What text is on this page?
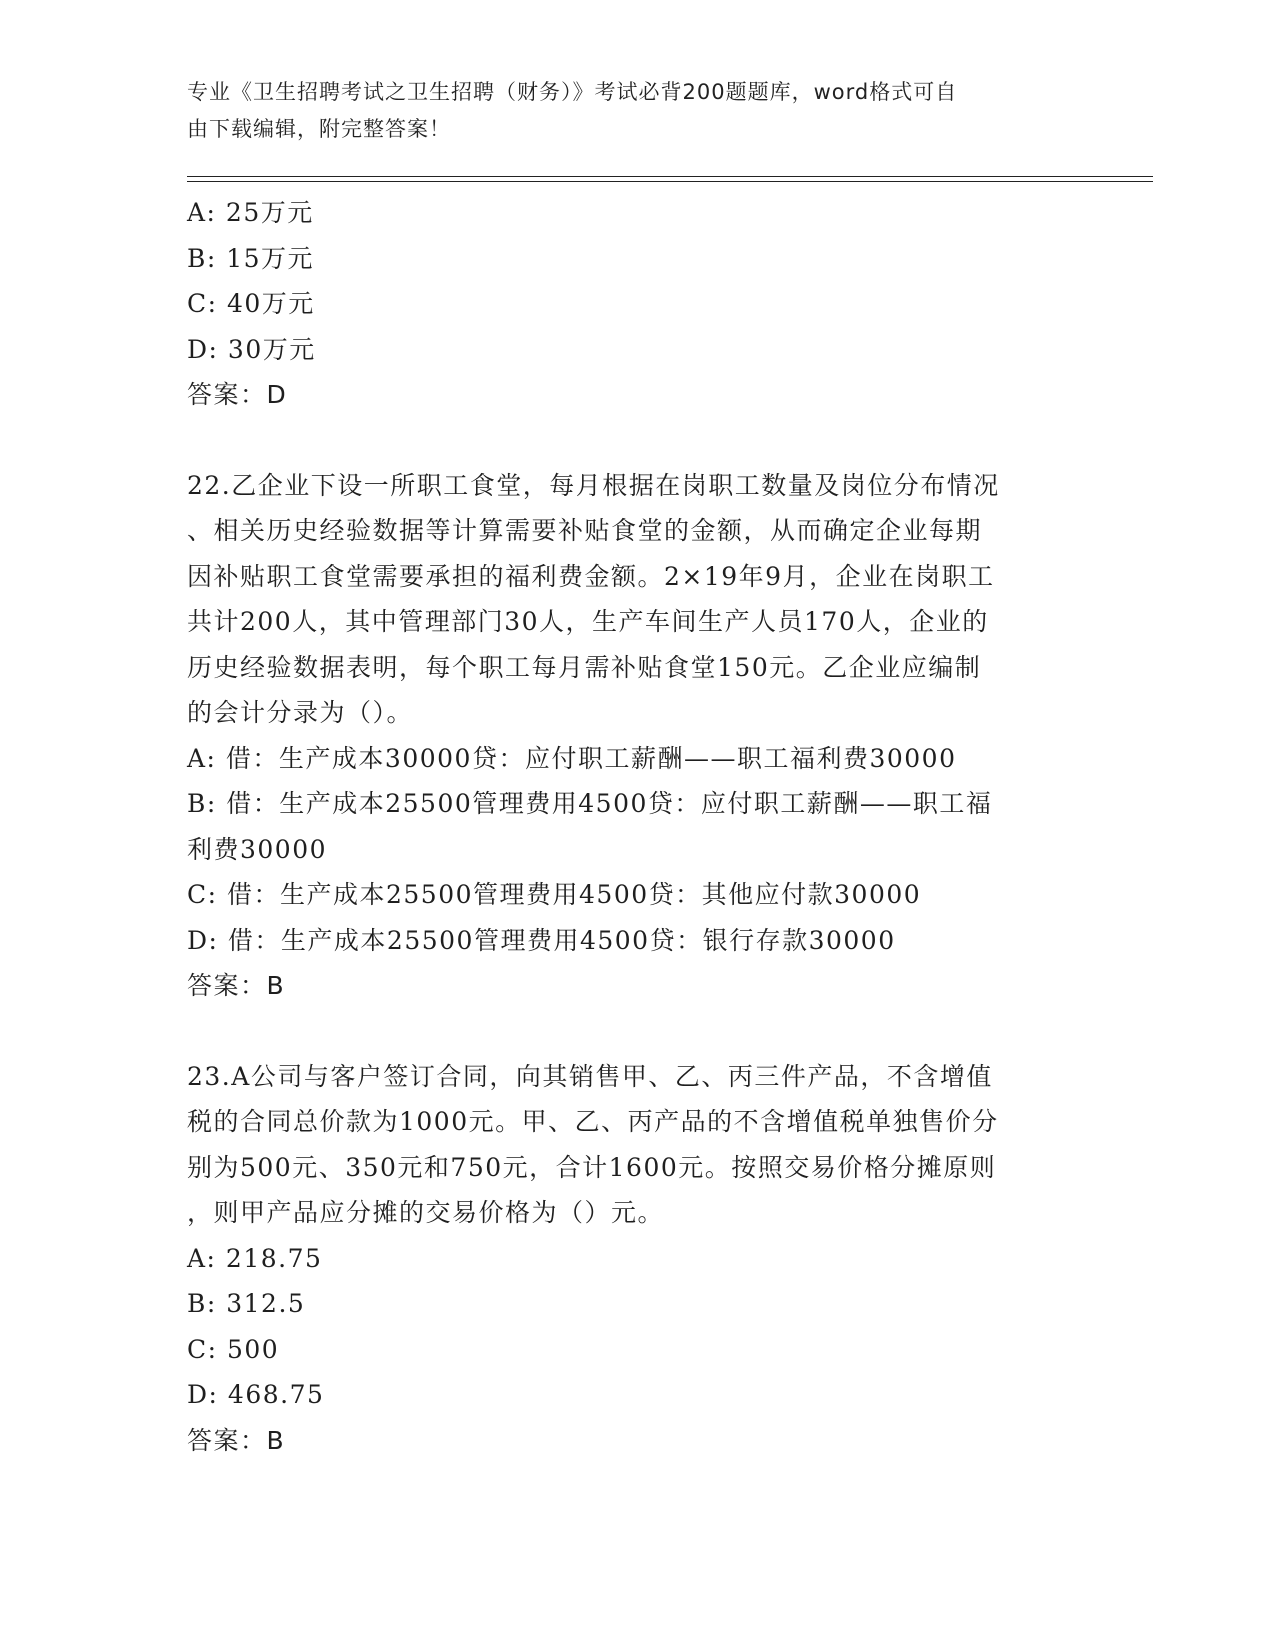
专业《卫生招聘考试之卫生招聘（财务）》考试必背200题题库，word格式可自
由下载编辑，附完整答案！
A: 25万元
B: 15万元
C: 40万元
D: 30万元
答案：D
22.乙企业下设一所职工食堂，每月根据在岗职工数量及岗位分布情况
、相关历史经验数据等计算需要补贴食堂的金额，从而确定企业每期
因补贴职工食堂需要承担的福利费金额。2×19年9月，企业在岗职工
共计200人，其中管理部门30人，生产车间生产人员170人，企业的
历史经验数据表明，每个职工每月需补贴食堂150元。乙企业应编制
的会计分录为（）。
A: 借：生产成本30000贷：应付职工薪酬——职工福利费30000
B: 借：生产成本25500管理费用4500贷：应付职工薪酬——职工福
利费30000
C: 借：生产成本25500管理费用4500贷：其他应付款30000
D: 借：生产成本25500管理费用4500贷：银行存款30000
答案：B
23.A公司与客户签订合同，向其销售甲、乙、丙三件产品，不含增值
税的合同总价款为1000元。甲、乙、丙产品的不含增值税单独售价分
别为500元、350元和750元，合计1600元。按照交易价格分摊原则
，则甲产品应分摊的交易价格为（）元。
A: 218.75
B: 312.5
C: 500
D: 468.75
答案：B
